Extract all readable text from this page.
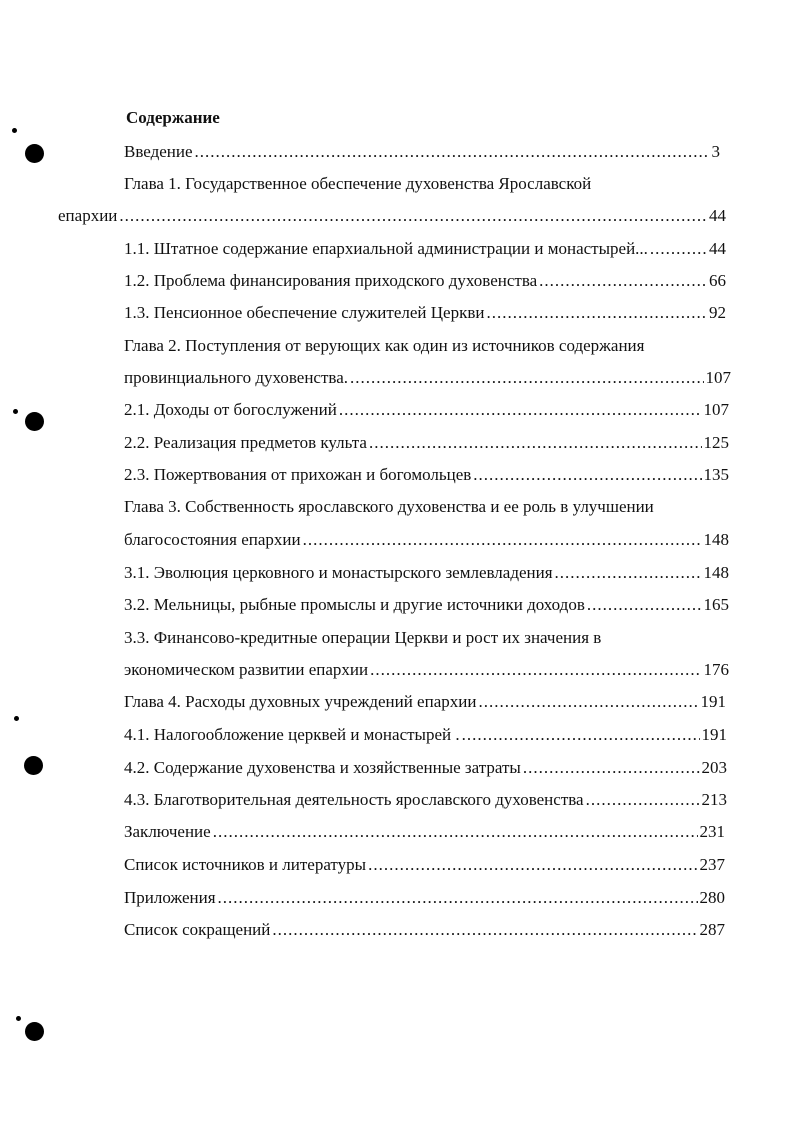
Содержание
Введение .....	3
Глава 1. Государственное обеспечение духовенства Ярославской
епархии .....	44
1.1. Штатное содержание епархиальной администрации и монастырей... .....	44
1.2. Проблема финансирования приходского духовенства .....	66
1.3. Пенсионное обеспечение служителей Церкви .....	92
Глава 2. Поступления от верующих как один из источников содержания
провинциального духовенства. .....	107
2.1. Доходы от богослужений .....	107
2.2. Реализация предметов культа .....	125
2.3. Пожертвования от прихожан и богомольцев .....	135
Глава 3. Собственность ярославского духовенства и ее роль в улучшении
благосостояния епархии .....	148
3.1. Эволюция церковного и монастырского землевладения .....	148
3.2. Мельницы, рыбные промыслы и другие источники доходов .....	165
3.3. Финансово-кредитные операции Церкви и рост их значения в
экономическом развитии епархии .....	176
Глава 4. Расходы духовных учреждений епархии .....	191
4.1. Налогообложение церквей и монастырей . .....	191
4.2. Содержание духовенства и хозяйственные затраты .....	203
4.3. Благотворительная деятельность ярославского духовенства .....	213
Заключение .....	231
Список источников и литературы .....	237
Приложения .....	280
Список сокращений .....	287
